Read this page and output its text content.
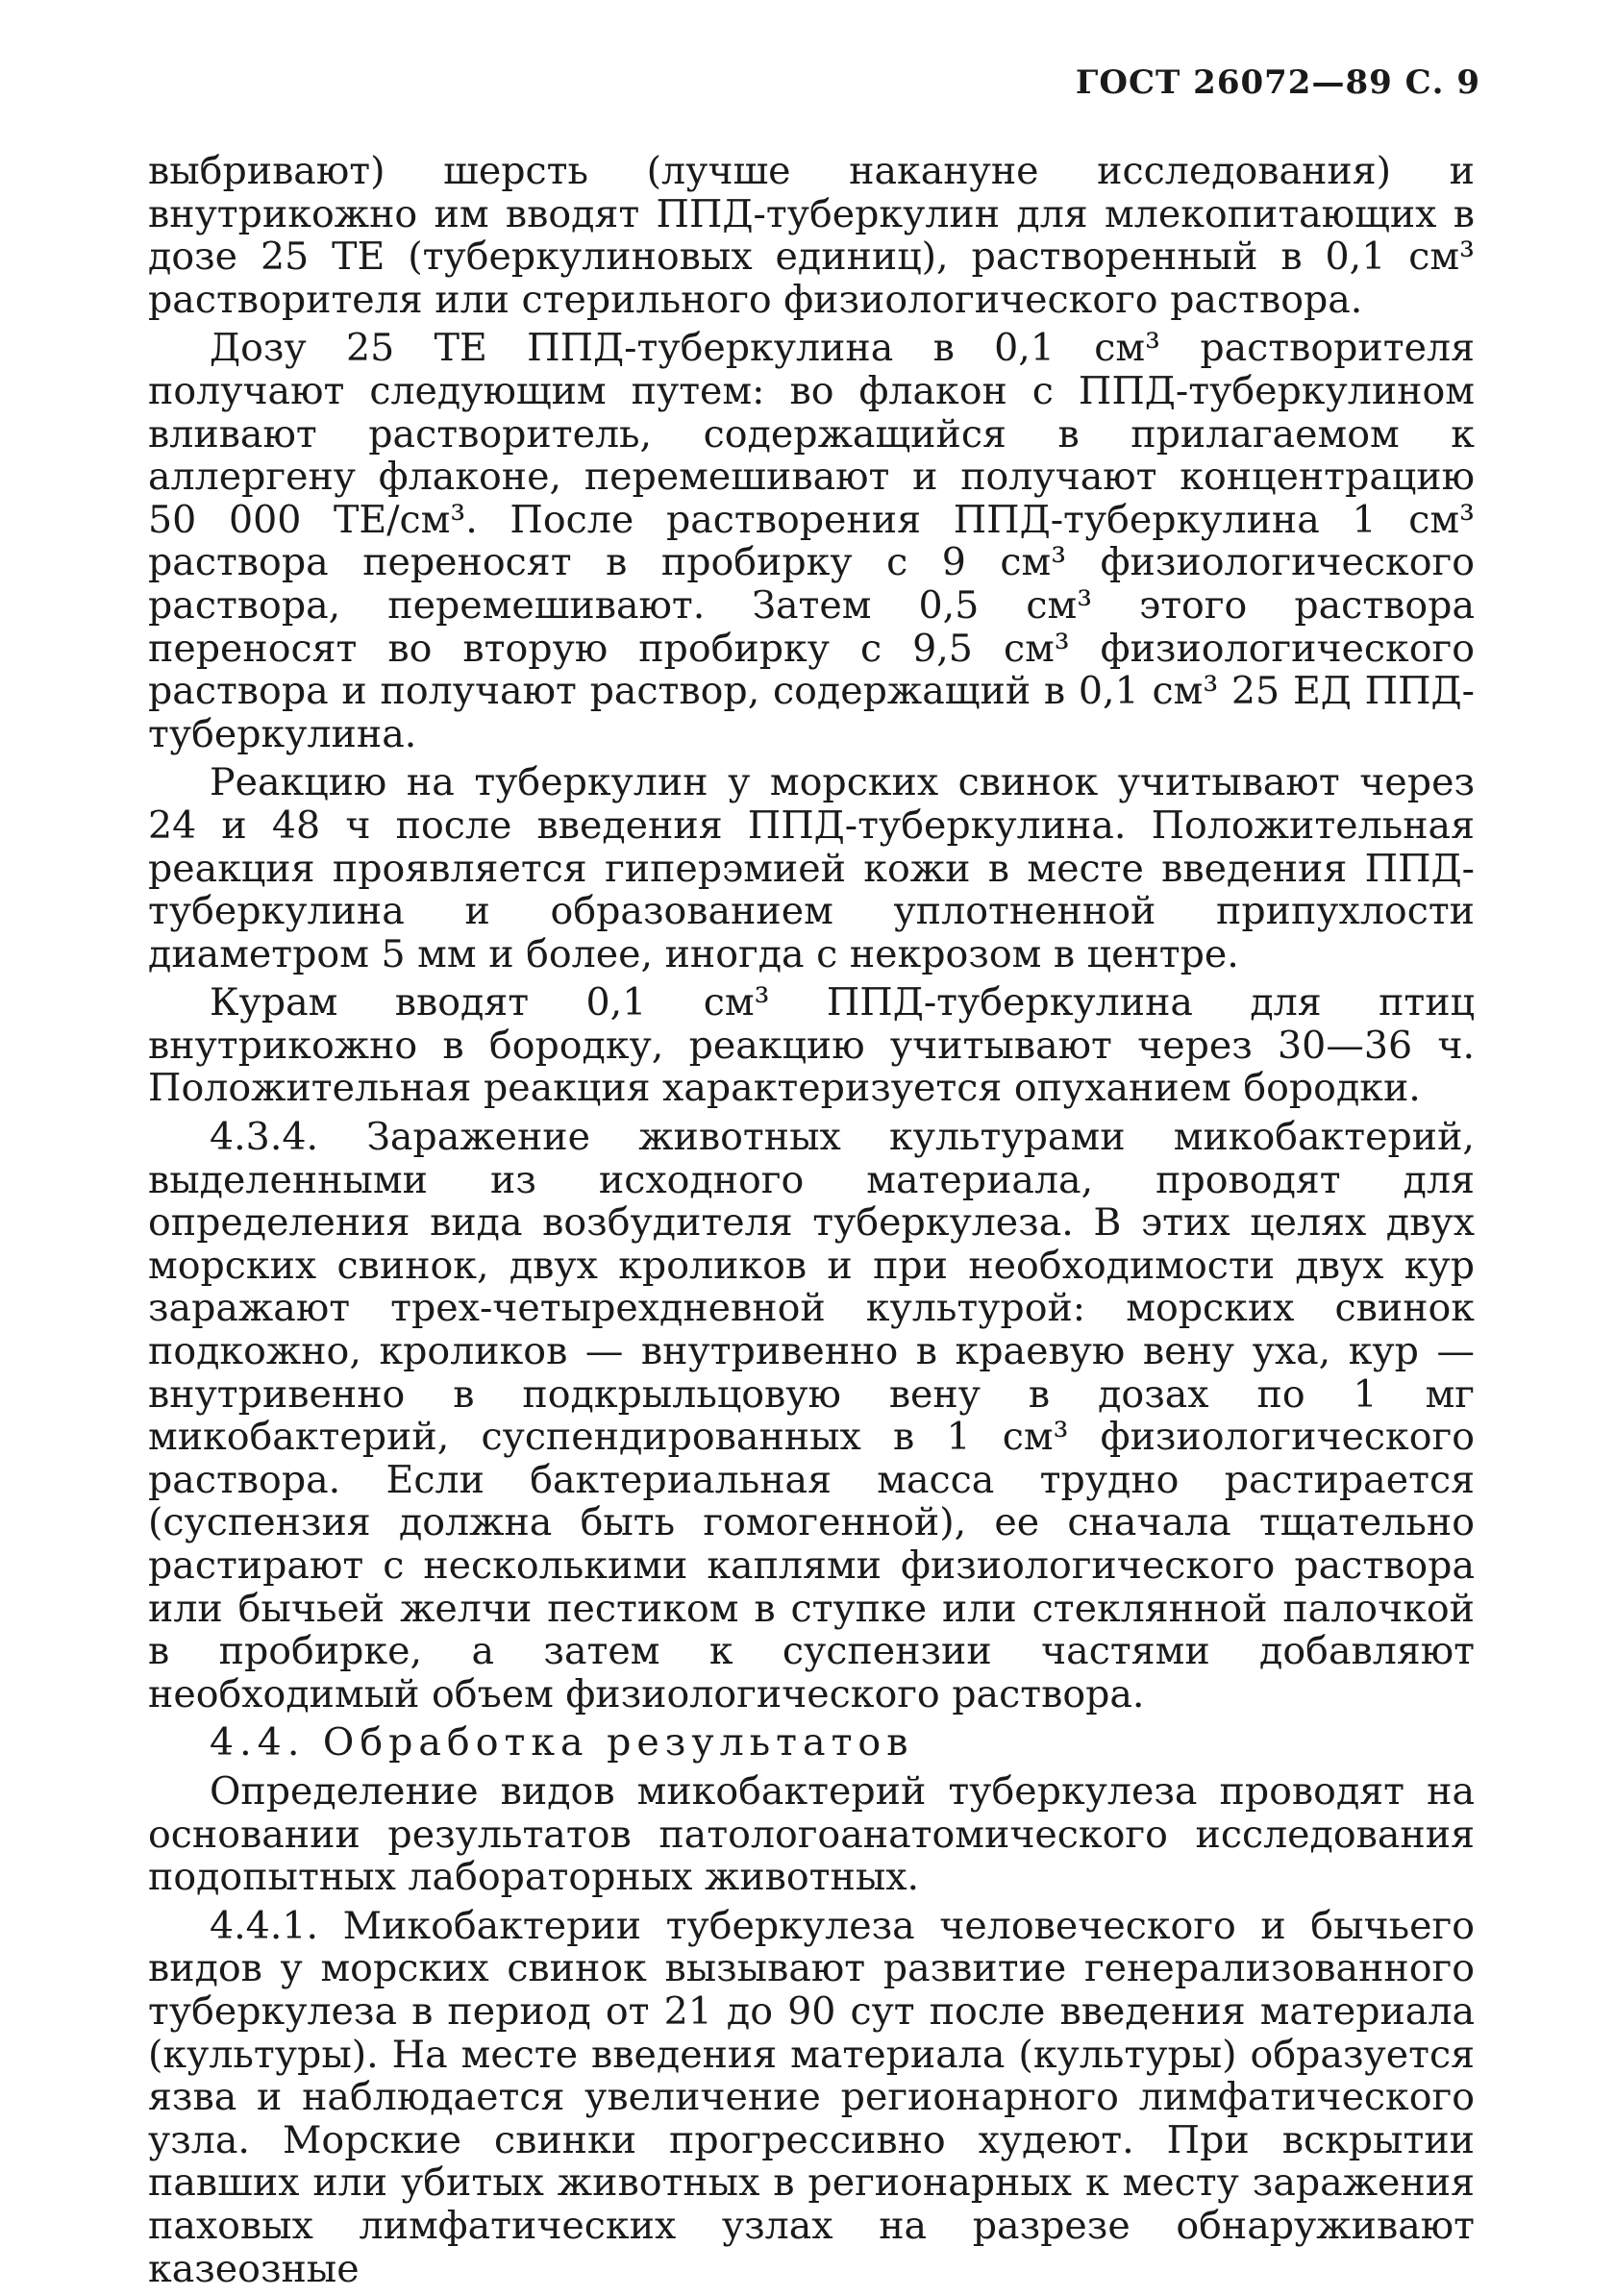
ГОСТ 26072—89 С. 9

выбривают) шерсть (лучше накануне исследования) и внутрикожно им вводят ППД-туберкулин для млекопитающих в дозе 25 ТЕ (туберкулиновых единиц), растворенный в 0,1 см³ растворителя или стерильного физиологического раствора.

Дозу 25 ТЕ ППД-туберкулина в 0,1 см³ растворителя получают следующим путем: во флакон с ППД-туберкулином вливают растворитель, содержащийся в прилагаемом к аллергену флаконе, перемешивают и получают концентрацию 50 000 ТЕ/см³. После растворения ППД-туберкулина 1 см³ раствора переносят в пробирку с 9 см³ физиологического раствора, перемешивают. Затем 0,5 см³ этого раствора переносят во вторую пробирку с 9,5 см³ физиологического раствора и получают раствор, содержащий в 0,1 см³ 25 ЕД ППД-туберкулина.

Реакцию на туберкулин у морских свинок учитывают через 24 и 48 ч после введения ППД-туберкулина. Положительная реакция проявляется гиперэмией кожи в месте введения ППД-туберкулина и образованием уплотненной припухлости диаметром 5 мм и более, иногда с некрозом в центре.

Курам вводят 0,1 см³ ППД-туберкулина для птиц внутрикожно в бородку, реакцию учитывают через 30—36 ч. Положительная реакция характеризуется опуханием бородки.

4.3.4. Заражение животных культурами микобактерий, выделенными из исходного материала, проводят для определения вида возбудителя туберкулеза. В этих целях двух морских свинок, двух кроликов и при необходимости двух кур заражают трех-четырехдневной культурой: морских свинок подкожно, кроликов — внутривенно в краевую вену уха, кур — внутривенно в подкрыльцовую вену в дозах по 1 мг микобактерий, суспендированных в 1 см³ физиологического раствора. Если бактериальная масса трудно растирается (суспензия должна быть гомогенной), ее сначала тщательно растирают с несколькими каплями физиологического раствора или бычьей желчи пестиком в ступке или стеклянной палочкой в пробирке, а затем к суспензии частями добавляют необходимый объем физиологического раствора.

4.4. Обработка результатов

Определение видов микобактерий туберкулеза проводят на основании результатов патологоанатомического исследования подопытных лабораторных животных.

4.4.1. Микобактерии туберкулеза человеческого и бычьего видов у морских свинок вызывают развитие генерализованного туберкулеза в период от 21 до 90 сут после введения материала (культуры). На месте введения материала (культуры) образуется язва и наблюдается увеличение регионарного лимфатического узла. Морские свинки прогрессивно худеют. При вскрытии павших или убитых животных в регионарных к месту заражения паховых лимфатических узлах на разрезе обнаруживают казеозные
